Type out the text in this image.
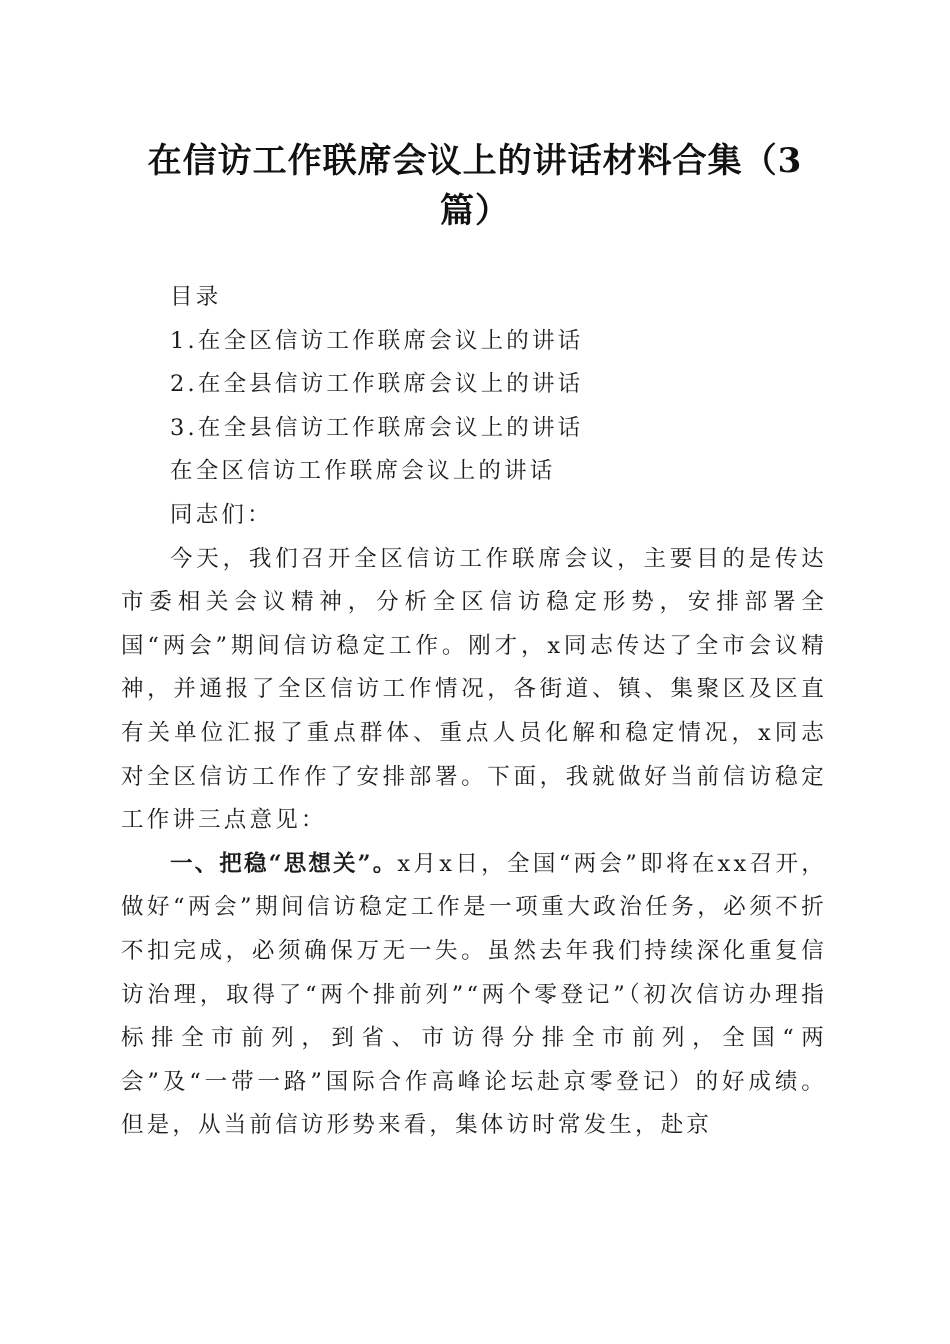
在信访工作联席会议上的讲话材料合集（3篇）

目录

1.在全区信访工作联席会议上的讲话

2.在全县信访工作联席会议上的讲话

3.在全县信访工作联席会议上的讲话

在全区信访工作联席会议上的讲话

同志们：

今天，我们召开全区信访工作联席会议，主要目的是传达市委相关会议精神，分析全区信访稳定形势，安排部署全国“两会”期间信访稳定工作。刚才，x同志传达了全市会议精神，并通报了全区信访工作情况，各街道、镇、集聚区及区直有关单位汇报了重点群体、重点人员化解和稳定情况，x同志对全区信访工作作了安排部署。下面，我就做好当前信访稳定工作讲三点意见：

一、把稳“思想关”。x月x日，全国“两会”即将在xx召开，做好“两会”期间信访稳定工作是一项重大政治任务，必须不折不扣完成，必须确保万无一失。虽然去年我们持续深化重复信访治理，取得了“两个排前列”“两个零登记”（初次信访办理指标排全市前列，到省、市访得分排全市前列，全国“两会”及“一带一路”国际合作高峰论坛赴京零登记）的好成绩。但是，从当前信访形势来看，集体访时常发生，赴京
